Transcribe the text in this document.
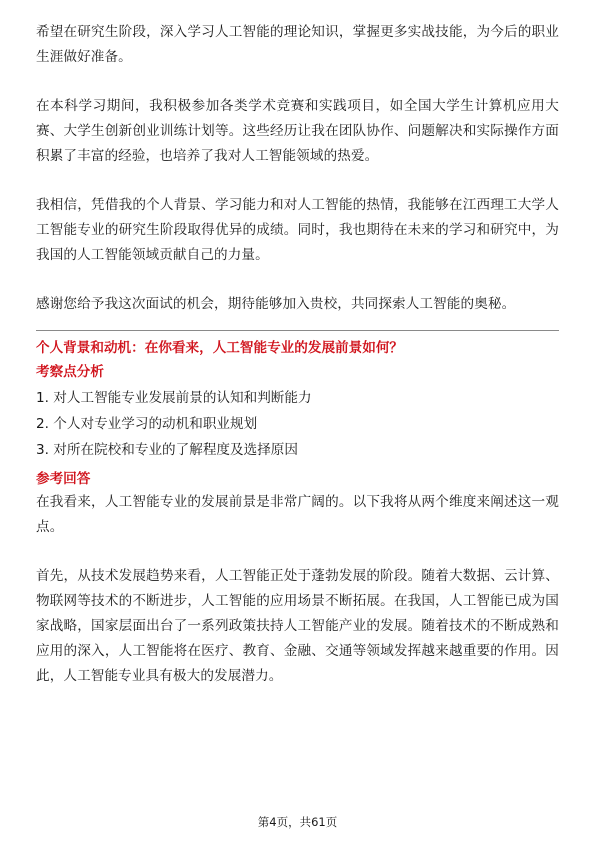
希望在研究生阶段，深入学习人工智能的理论知识，掌握更多实战技能，为今后的职业生涯做好准备。

在本科学习期间，我积极参加各类学术竞赛和实践项目，如全国大学生计算机应用大赛、大学生创新创业训练计划等。这些经历让我在团队协作、问题解决和实际操作方面积累了丰富的经验，也培养了我对人工智能领域的热爱。

我相信，凭借我的个人背景、学习能力和对人工智能的热情，我能够在江西理工大学人工智能专业的研究生阶段取得优异的成绩。同时，我也期待在未来的学习和研究中，为我国的人工智能领域贡献自己的力量。

感谢您给予我这次面试的机会，期待能够加入贵校，共同探索人工智能的奥秘。

个人背景和动机：在你看来，人工智能专业的发展前景如何？

考察点分析

1. 对人工智能专业发展前景的认知和判断能力
2. 个人对专业学习的动机和职业规划
3. 对所在院校和专业的了解程度及选择原因

参考回答

在我看来，人工智能专业的发展前景是非常广阔的。以下我将从两个维度来阐述这一观点。

首先，从技术发展趋势来看，人工智能正处于蓬勃发展的阶段。随着大数据、云计算、物联网等技术的不断进步，人工智能的应用场景不断拓展。在我国，人工智能已成为国家战略，国家层面出台了一系列政策扶持人工智能产业的发展。随着技术的不断成熟和应用的深入，人工智能将在医疗、教育、金融、交通等领域发挥越来越重要的作用。因此，人工智能专业具有极大的发展潜力。

第4页，共61页
